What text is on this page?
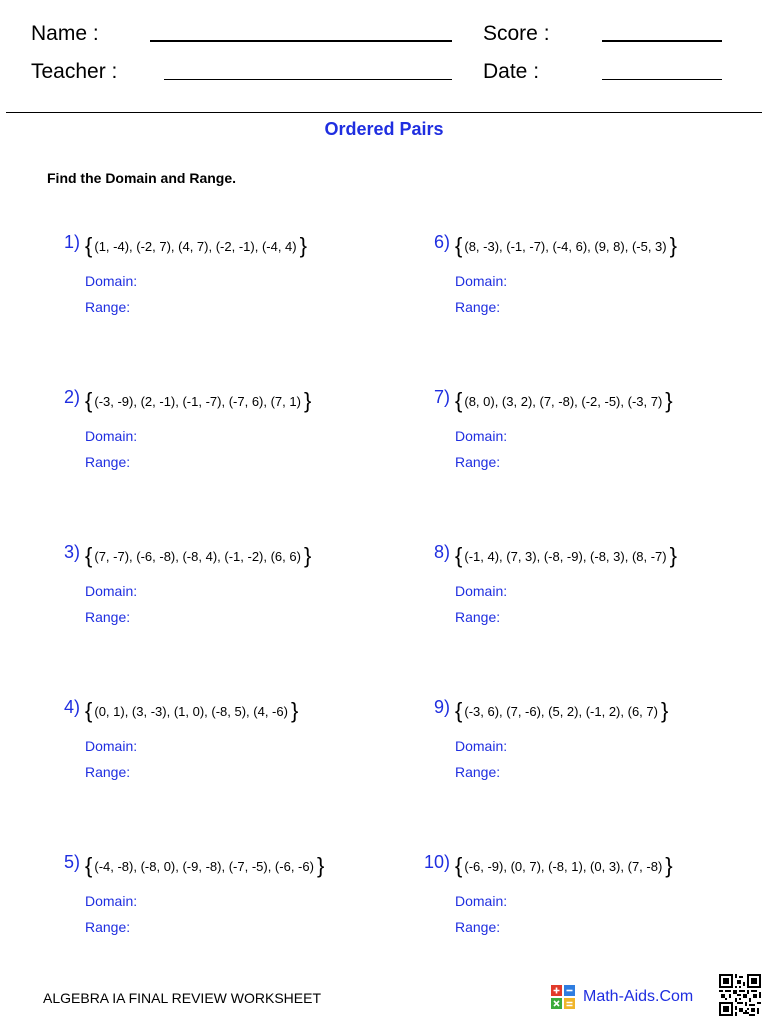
Name :
Teacher :
Score :
Date :
Ordered Pairs
Find the Domain and Range.
1) { (1, -4), (-2, 7), (4, 7), (-2, -1), (-4, 4) }
Domain:
Range:
2) { (-3, -9), (2, -1), (-1, -7), (-7, 6), (7, 1) }
Domain:
Range:
3) { (7, -7), (-6, -8), (-8, 4), (-1, -2), (6, 6) }
Domain:
Range:
4) { (0, 1), (3, -3), (1, 0), (-8, 5), (4, -6) }
Domain:
Range:
5) { (-4, -8), (-8, 0), (-9, -8), (-7, -5), (-6, -6) }
Domain:
Range:
6) { (8, -3), (-1, -7), (-4, 6), (9, 8), (-5, 3) }
Domain:
Range:
7) { (8, 0), (3, 2), (7, -8), (-2, -5), (-3, 7) }
Domain:
Range:
8) { (-1, 4), (7, 3), (-8, -9), (-8, 3), (8, -7) }
Domain:
Range:
9) { (-3, 6), (7, -6), (5, 2), (-1, 2), (6, 7) }
Domain:
Range:
10) { (-6, -9), (0, 7), (-8, 1), (0, 3), (7, -8) }
Domain:
Range:
ALGEBRA IA FINAL REVIEW WORKSHEET	Math-Aids.Com
